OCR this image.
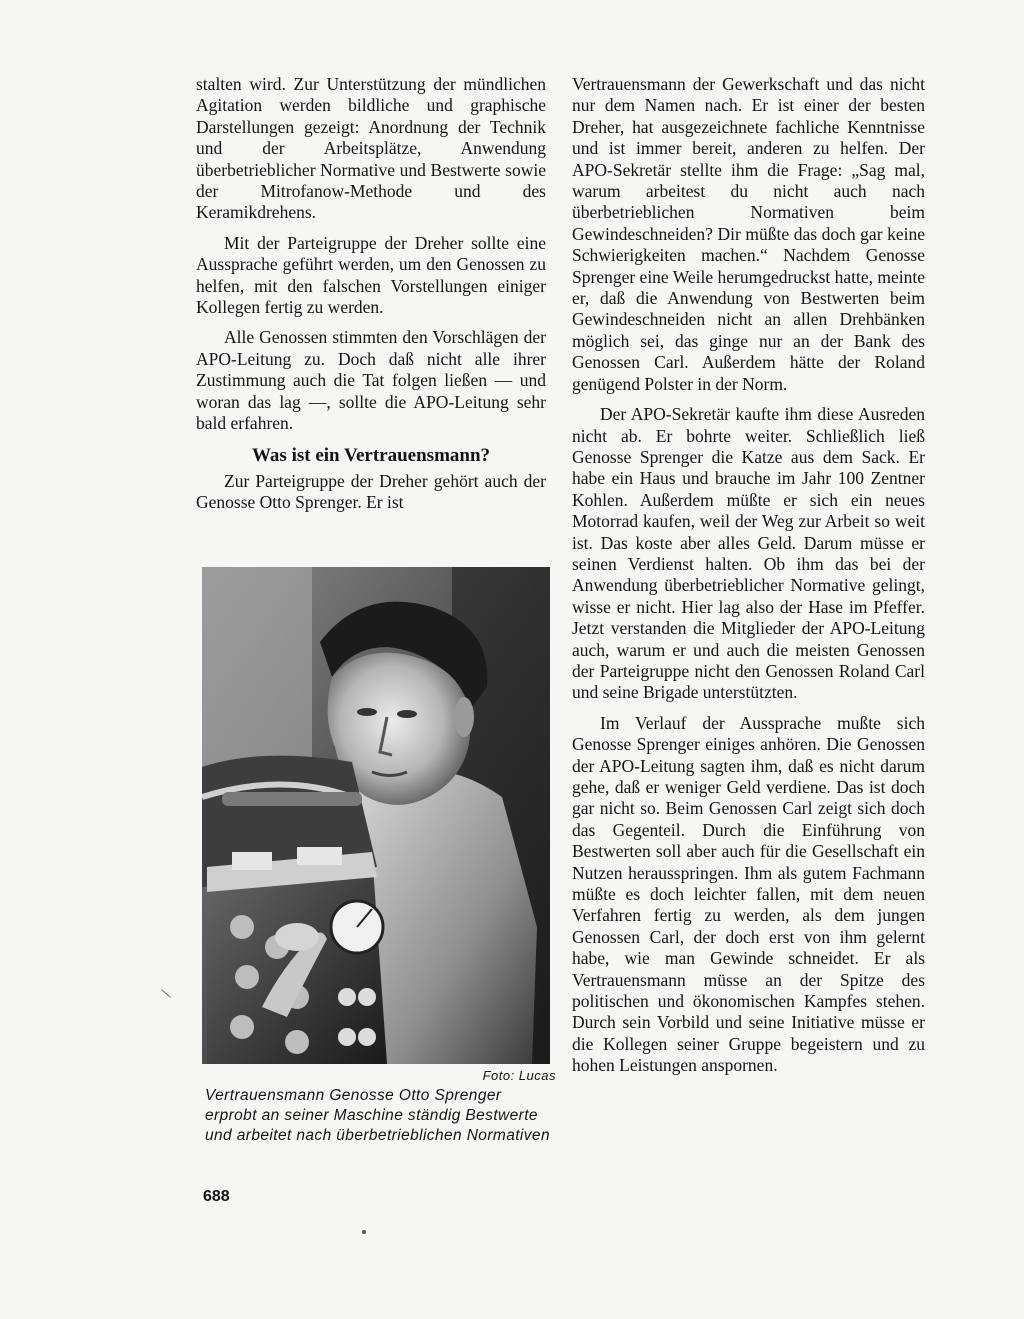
stalten wird. Zur Unterstützung der mündlichen Agitation werden bildliche und graphische Darstellungen gezeigt: Anordnung der Technik und der Arbeitsplätze, Anwendung überbetrieblicher Normative und Bestwerte sowie der Mitrofanow-Methode und des Keramikdrehens.

Mit der Parteigruppe der Dreher sollte eine Aussprache geführt werden, um den Genossen zu helfen, mit den falschen Vorstellungen einiger Kollegen fertig zu werden.

Alle Genossen stimmten den Vorschlägen der APO-Leitung zu. Doch daß nicht alle ihrer Zustimmung auch die Tat folgen ließen — und woran das lag —, sollte die APO-Leitung sehr bald erfahren.

Was ist ein Vertrauensmann?

Zur Parteigruppe der Dreher gehört auch der Genosse Otto Sprenger. Er ist

Foto: Lucas
Vertrauensmann Genosse Otto Sprenger erprobt an seiner Maschine ständig Bestwerte und arbeitet nach überbetrieblichen Normativen

Vertrauensmann der Gewerkschaft und das nicht nur dem Namen nach. Er ist einer der besten Dreher, hat ausgezeichnete fachliche Kenntnisse und ist immer bereit, anderen zu helfen. Der APO-Sekretär stellte ihm die Frage: „Sag mal, warum arbeitest du nicht auch nach überbetrieblichen Normativen beim Gewindeschneiden? Dir müßte das doch gar keine Schwierigkeiten machen.“ Nachdem Genosse Sprenger eine Weile herumgedruckst hatte, meinte er, daß die Anwendung von Bestwerten beim Gewindeschneiden nicht an allen Drehbänken möglich sei, das ginge nur an der Bank des Genossen Carl. Außerdem hätte der Roland genügend Polster in der Norm.

Der APO-Sekretär kaufte ihm diese Ausreden nicht ab. Er bohrte weiter. Schließlich ließ Genosse Sprenger die Katze aus dem Sack. Er habe ein Haus und brauche im Jahr 100 Zentner Kohlen. Außerdem müßte er sich ein neues Motorrad kaufen, weil der Weg zur Arbeit so weit ist. Das koste aber alles Geld. Darum müsse er seinen Verdienst halten. Ob ihm das bei der Anwendung überbetrieblicher Normative gelingt, wisse er nicht. Hier lag also der Hase im Pfeffer. Jetzt verstanden die Mitglieder der APO-Leitung auch, warum er und auch die meisten Genossen der Parteigruppe nicht den Genossen Roland Carl und seine Brigade unterstützten.

Im Verlauf der Aussprache mußte sich Genosse Sprenger einiges anhören. Die Genossen der APO-Leitung sagten ihm, daß es nicht darum gehe, daß er weniger Geld verdiene. Das ist doch gar nicht so. Beim Genossen Carl zeigt sich doch das Gegenteil. Durch die Einführung von Bestwerten soll aber auch für die Gesellschaft ein Nutzen herausspringen. Ihm als gutem Fachmann müßte es doch leichter fallen, mit dem neuen Verfahren fertig zu werden, als dem jungen Genossen Carl, der doch erst von ihm gelernt habe, wie man Gewinde schneidet. Er als Vertrauensmann müsse an der Spitze des politischen und ökonomischen Kampfes stehen. Durch sein Vorbild und seine Initiative müsse er die Kollegen seiner Gruppe begeistern und zu hohen Leistungen anspornen.

688
